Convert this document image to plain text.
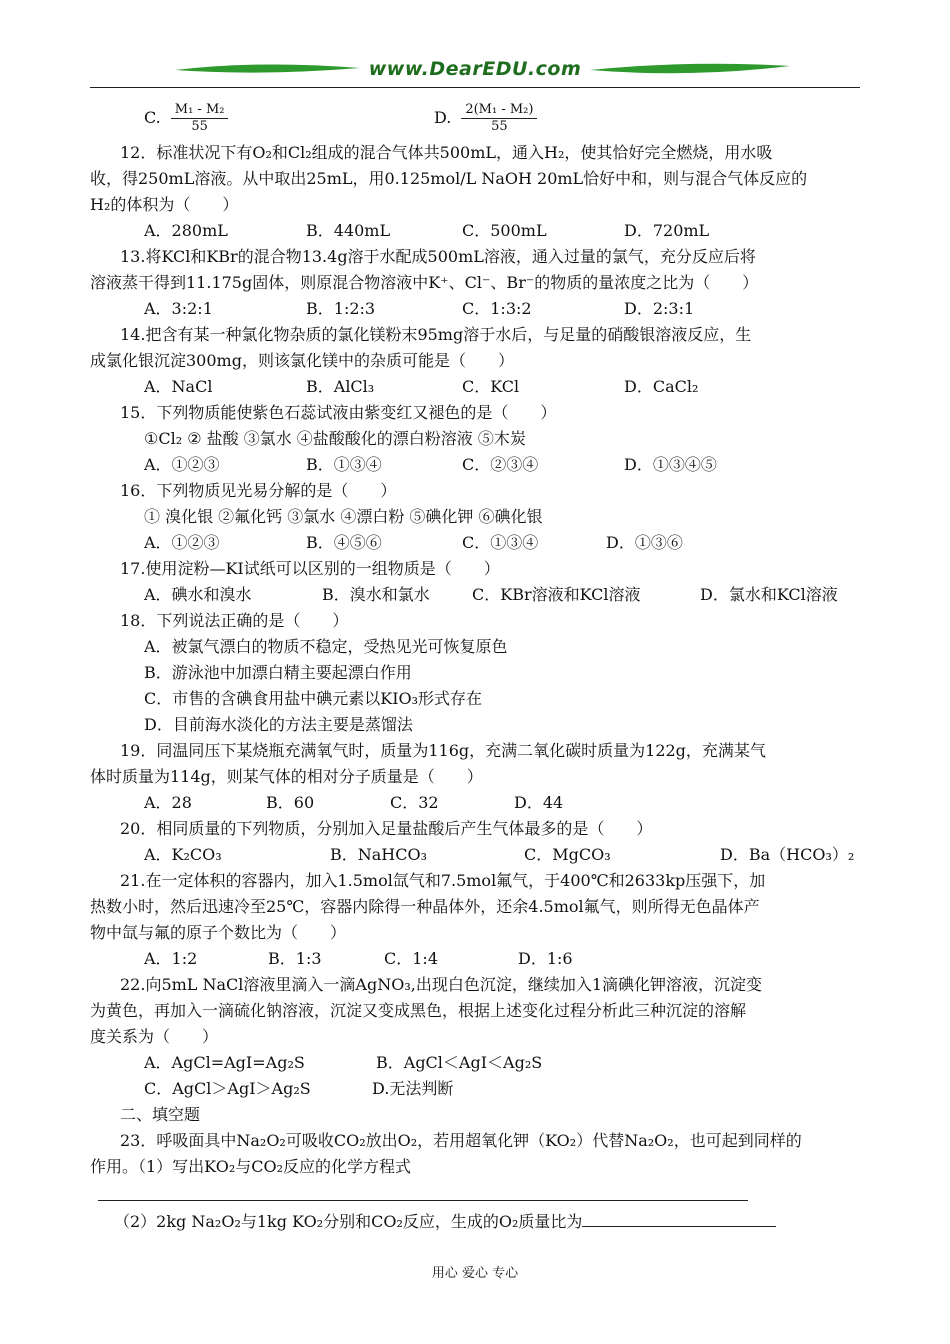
www.DearEDU.com
C. $\frac{\text{M₁ - M₂}}{55}$	D. $\frac{\text{2(M₁ - M₂)}}{55}$
12．标准状况下有O₂和Cl₂组成的混合气体共500mL，通入H₂，使其恰好完全燃烧，用水吸
收，得250mL溶液。从中取出25mL，用0.125mol/L NaOH 20mL恰好中和，则与混合气体反应的
H₂的体积为（　　）
A．280mL	B．440mL	C．500mL	D．720mL
13.将KCl和KBr的混合物13.4g溶于水配成500mL溶液，通入过量的氯气，充分反应后将
溶液蒸干得到11.175g固体，则原混合物溶液中K⁺、Cl⁻、Br⁻的物质的量浓度之比为（　　）
A．3:2:1	B．1:2:3	C．1:3:2	D．2:3:1
14.把含有某一种氯化物杂质的氯化镁粉末95mg溶于水后，与足量的硝酸银溶液反应，生
成氯化银沉淀300mg，则该氯化镁中的杂质可能是（　　）
A．NaCl	B．AlCl₃	C．KCl	D．CaCl₂
15．下列物质能使紫色石蕊试液由紫变红又褪色的是（　　）
①Cl₂ ② 盐酸 ③氯水 ④盐酸酸化的漂白粉溶液 ⑤木炭
A．①②③	B．①③④	C．②③④	D．①③④⑤
16．下列物质见光易分解的是（　　）
① 溴化银 ②氟化钙 ③氯水 ④漂白粉 ⑤碘化钾 ⑥碘化银
A．①②③	B．④⑤⑥	C．①③④	D．①③⑥
17.使用淀粉—KI试纸可以区别的一组物质是（　　）
A．碘水和溴水	B．溴水和氯水	C．KBr溶液和KCl溶液	D．氯水和KCl溶液
18．下列说法正确的是（　　）
A．被氯气漂白的物质不稳定，受热见光可恢复原色
B．游泳池中加漂白精主要起漂白作用
C．市售的含碘食用盐中碘元素以KIO₃形式存在
D．目前海水淡化的方法主要是蒸馏法
19．同温同压下某烧瓶充满氧气时，质量为116g，充满二氧化碳时质量为122g，充满某气
体时质量为114g，则某气体的相对分子质量是（　　）
A．28	B．60	C．32	D．44
20．相同质量的下列物质，分别加入足量盐酸后产生气体最多的是（　　）
A．K₂CO₃	B．NaHCO₃	C．MgCO₃	D．Ba（HCO₃）₂
21.在一定体积的容器内，加入1.5mol氙气和7.5mol氟气，于400℃和2633kp压强下，加
热数小时，然后迅速冷至25℃，容器内除得一种晶体外，还余4.5mol氟气，则所得无色晶体产
物中氙与氟的原子个数比为（　　）
A．1:2	B．1:3	C．1:4	D．1:6
22.向5mL NaCl溶液里滴入一滴AgNO₃,出现白色沉淀，继续加入1滴碘化钾溶液，沉淀变
为黄色，再加入一滴硫化钠溶液，沉淀又变成黑色，根据上述变化过程分析此三种沉淀的溶解
度关系为（　　）
A．AgCl=AgI=Ag₂S	B．AgCl＜AgI＜Ag₂S
C．AgCl＞AgI＞Ag₂S	D.无法判断
二、填空题
23．呼吸面具中Na₂O₂可吸收CO₂放出O₂，若用超氧化钾（KO₂）代替Na₂O₂，也可起到同样的
作用。（1）写出KO₂与CO₂反应的化学方程式
（2）2kg Na₂O₂与1kg KO₂分别和CO₂反应，生成的O₂质量比为
用心 爱心 专心
